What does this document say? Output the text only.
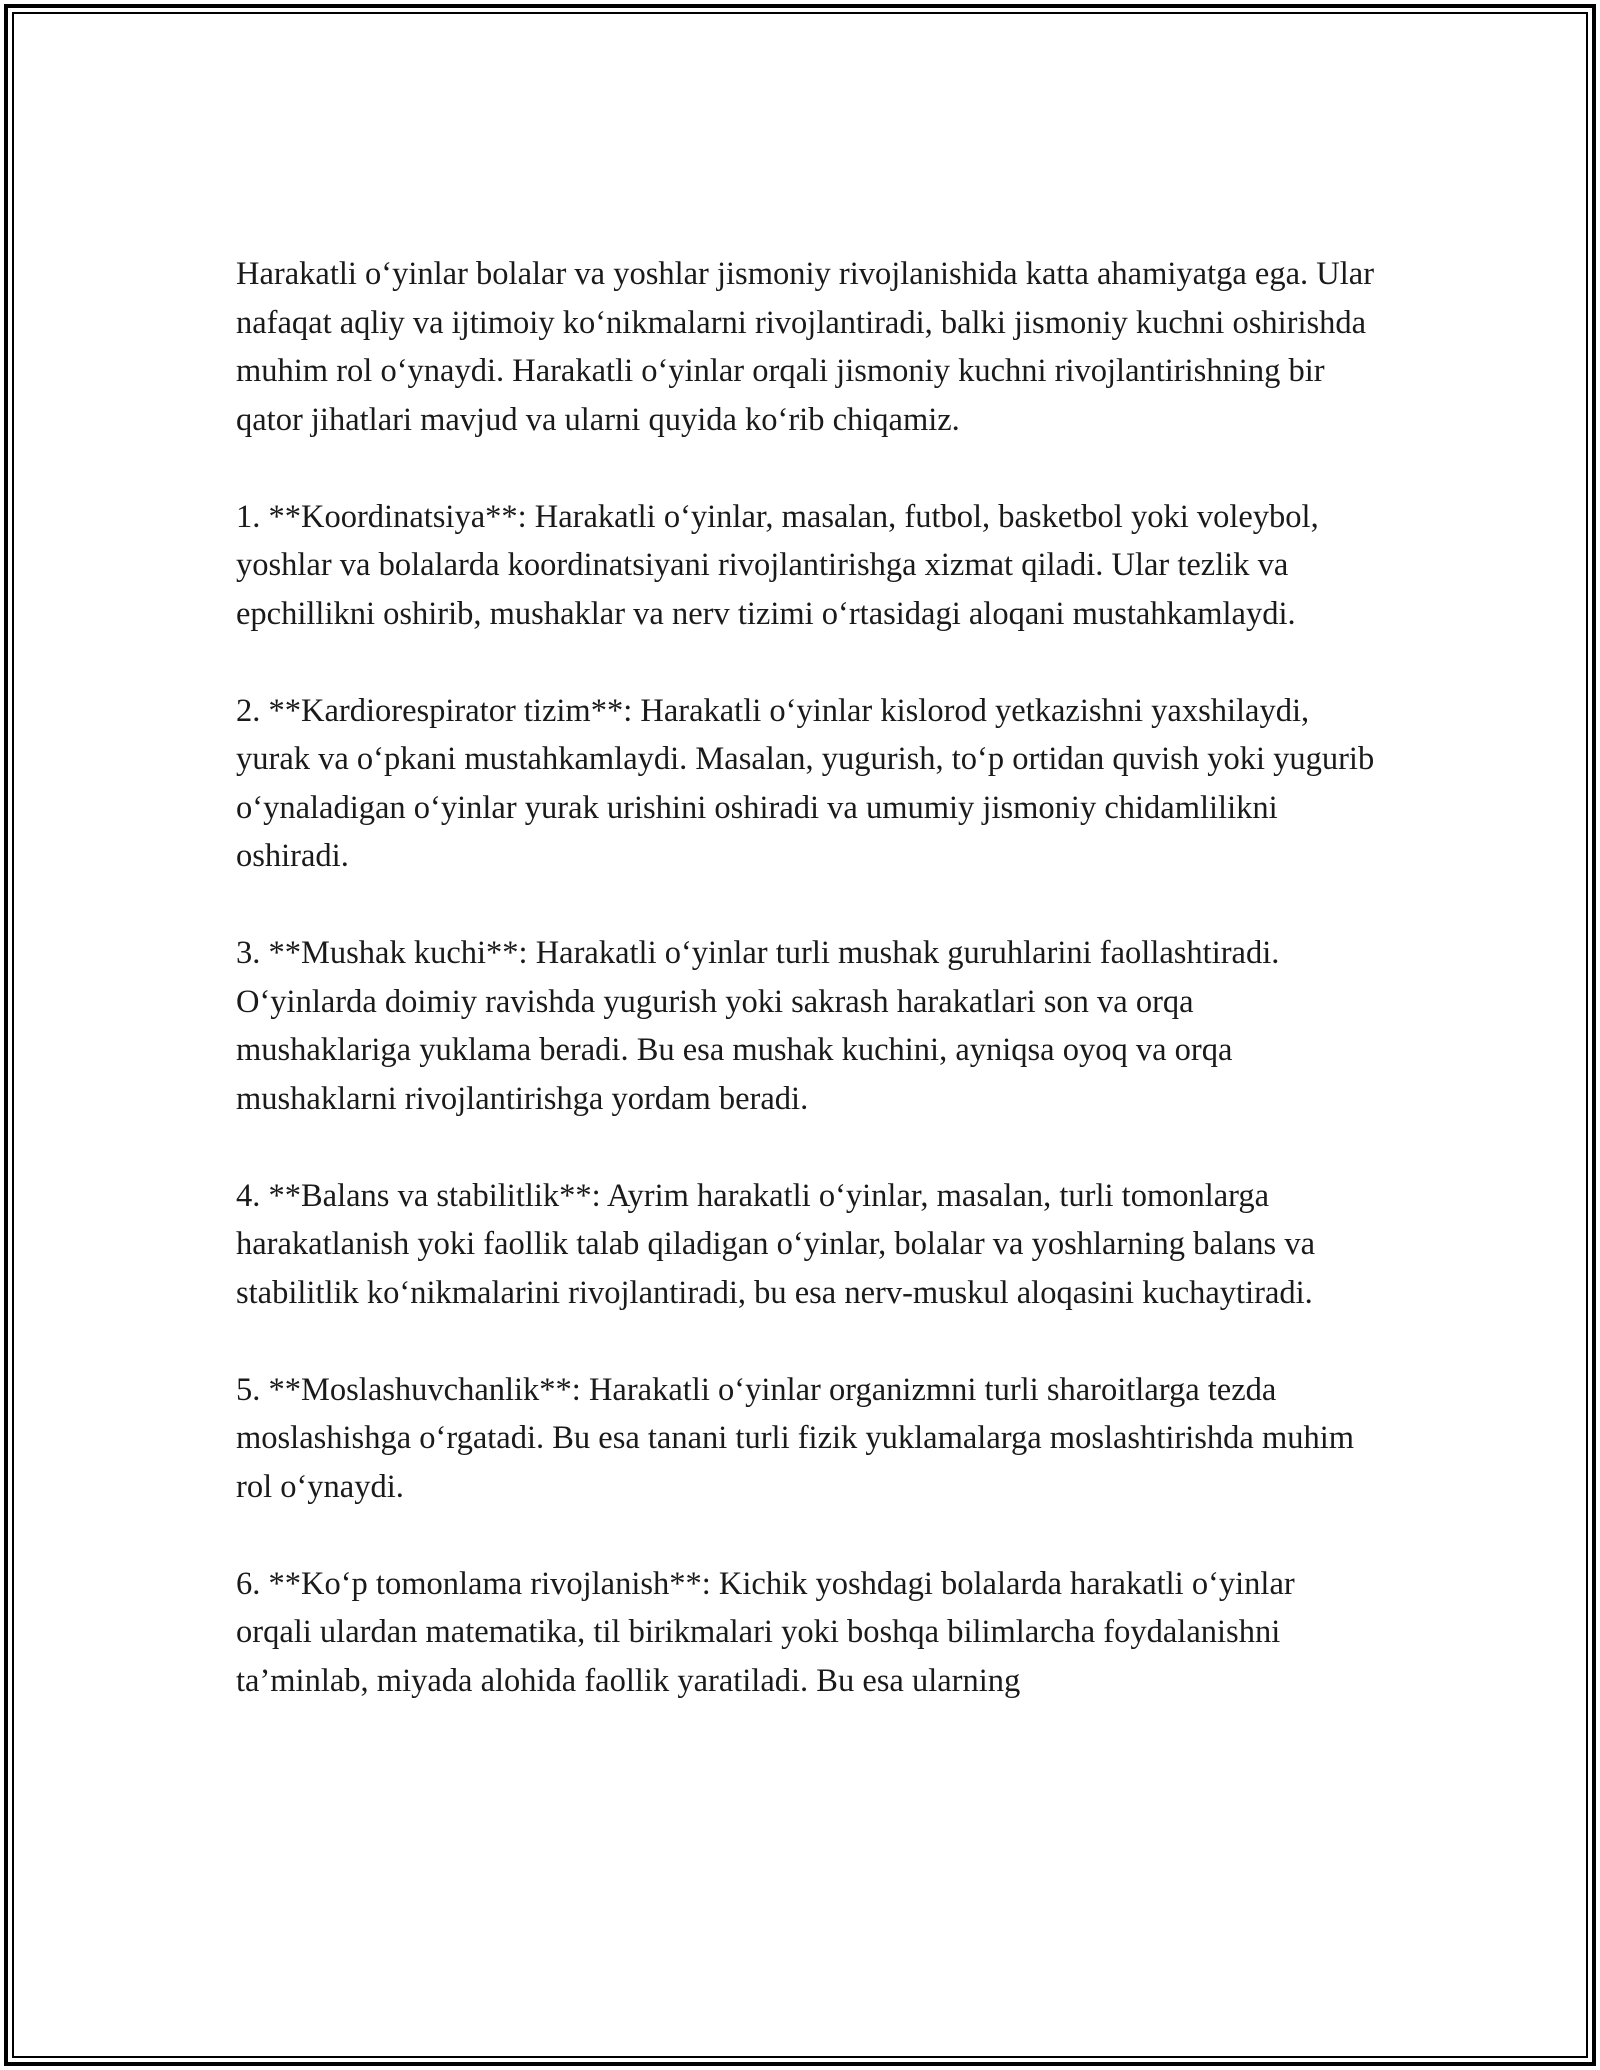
Harakatli o‘yinlar bolalar va yoshlar jismoniy rivojlanishida katta ahamiyatga ega. Ular nafaqat aqliy va ijtimoiy ko‘nikmalarni rivojlantiradi, balki jismoniy kuchni oshirishda muhim rol o‘ynaydi. Harakatli o‘yinlar orqali jismoniy kuchni rivojlantirishning bir qator jihatlari mavjud va ularni quyida ko‘rib chiqamiz.

1. **Koordinatsiya**: Harakatli o‘yinlar, masalan, futbol, basketbol yoki voleybol, yoshlar va bolalarda koordinatsiyani rivojlantirishga xizmat qiladi. Ular tezlik va epchillikni oshirib, mushaklar va nerv tizimi o‘rtasidagi aloqani mustahkamlaydi.

2. **Kardiorespirator tizim**: Harakatli o‘yinlar kislorod yetkazishni yaxshilaydi, yurak va o‘pkani mustahkamlaydi. Masalan, yugurish, to‘p ortidan quvish yoki yugurib o‘ynaladigan o‘yinlar yurak urishini oshiradi va umumiy jismoniy chidamlilikni oshiradi.

3. **Mushak kuchi**: Harakatli o‘yinlar turli mushak guruhlarini faollashtiradi. O‘yinlarda doimiy ravishda yugurish yoki sakrash harakatlari son va orqa mushaklariga yuklama beradi. Bu esa mushak kuchini, ayniqsa oyoq va orqa mushaklarni rivojlantirishga yordam beradi.

4. **Balans va stabilitlik**: Ayrim harakatli o‘yinlar, masalan, turli tomonlarga harakatlanish yoki faollik talab qiladigan o‘yinlar, bolalar va yoshlarning balans va stabilitlik ko‘nikmalarini rivojlantiradi, bu esa nerv-muskul aloqasini kuchaytiradi.

5. **Moslashuvchanlik**: Harakatli o‘yinlar organizmni turli sharoitlarga tezda moslashishga o‘rgatadi. Bu esa tanani turli fizik yuklamalarga moslashtirishda muhim rol o‘ynaydi.

6. **Ko‘p tomonlama rivojlanish**: Kichik yoshdagi bolalarda harakatli o‘yinlar orqali ulardan matematika, til birikmalari yoki boshqa bilimlarcha foydalanishni ta’minlab, miyada alohida faollik yaratiladi. Bu esa ularning
